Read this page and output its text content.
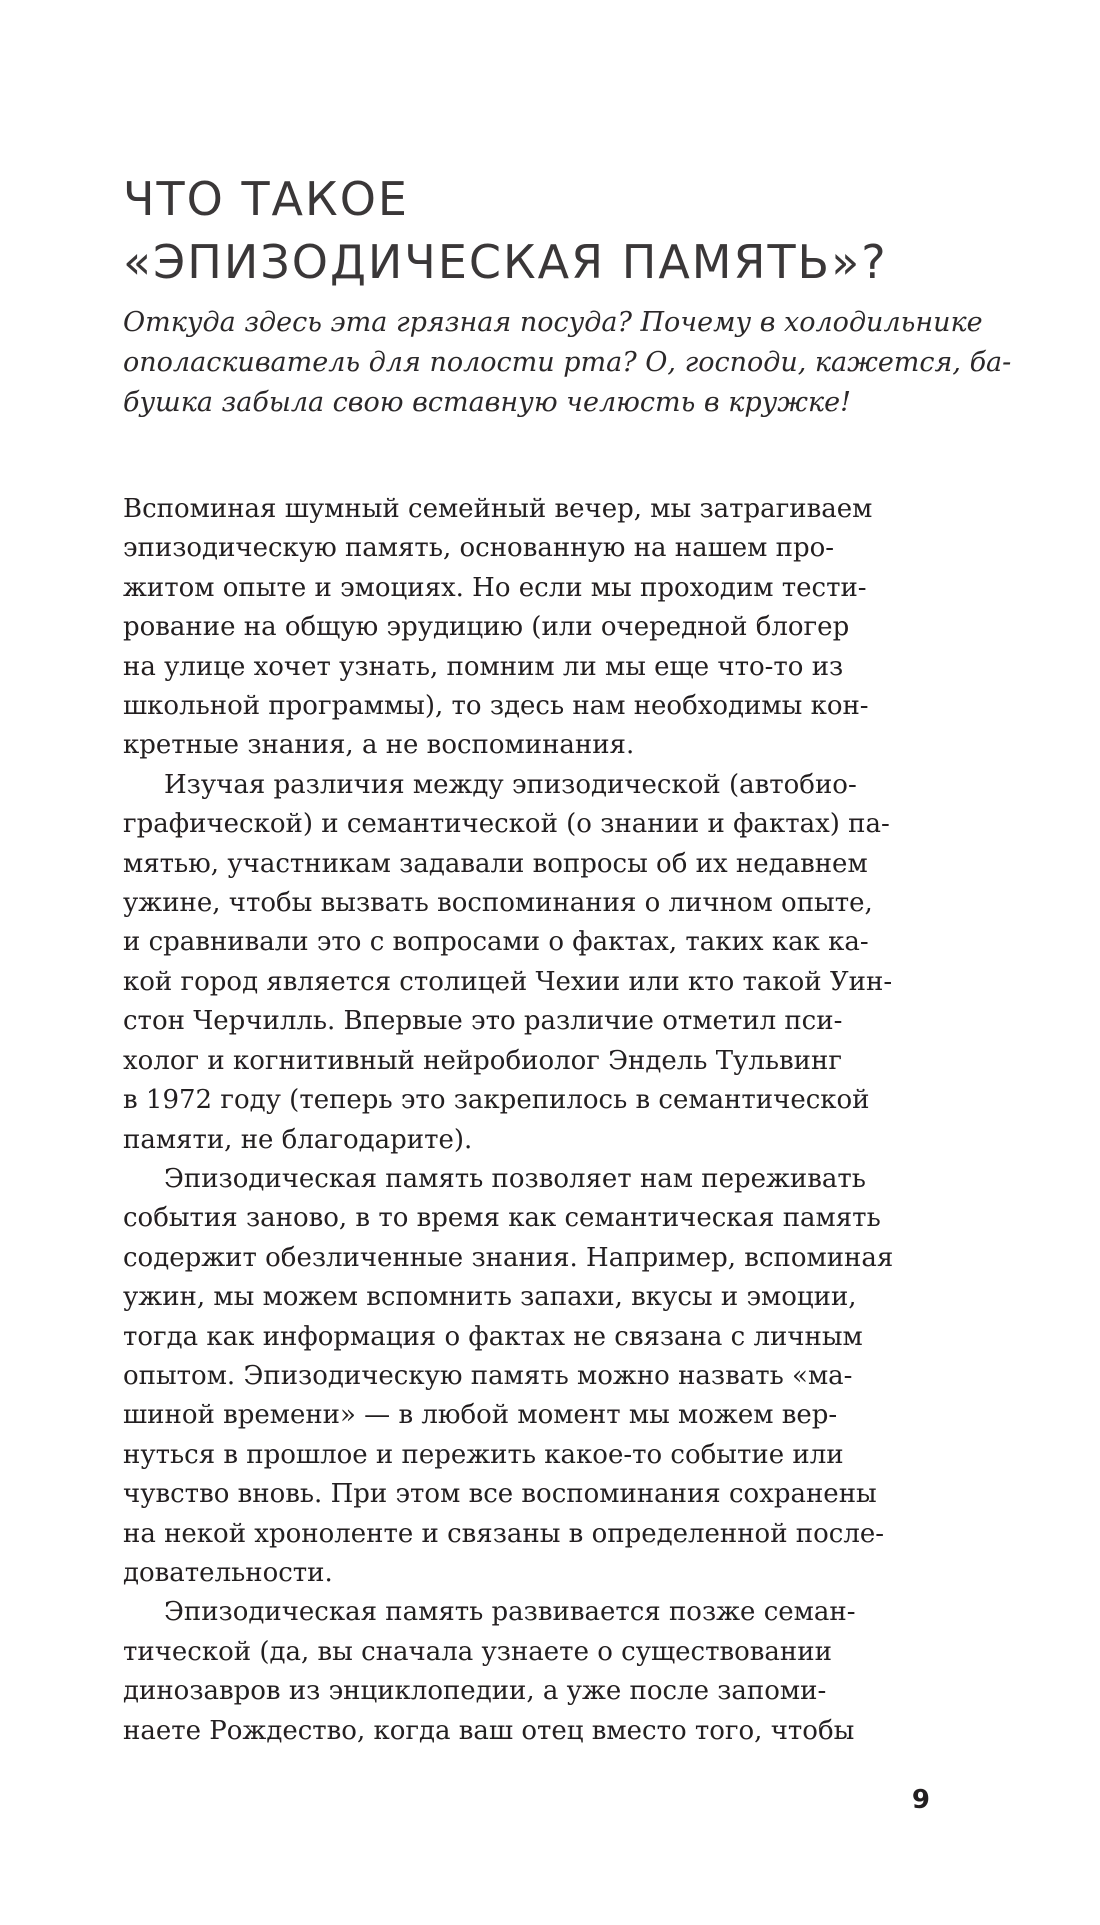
ЧТО ТАКОЕ
«ЭПИЗОДИЧЕСКАЯ ПАМЯТЬ»?
Откуда здесь эта грязная посуда? Почему в холодильнике
ополаскиватель для полости рта? О, господи, кажется, ба-
бушка забыла свою вставную челюсть в кружке!
Вспоминая шумный семейный вечер, мы затрагиваем
эпизодическую память, основанную на нашем про-
житом опыте и эмоциях. Но если мы проходим тести-
рование на общую эрудицию (или очередной блогер
на улице хочет узнать, помним ли мы еще что-то из
школьной программы), то здесь нам необходимы кон-
кретные знания, а не воспоминания.
Изучая различия между эпизодической (автобио-
графической) и семантической (о знании и фактах) па-
мятью, участникам задавали вопросы об их недавнем
ужине, чтобы вызвать воспоминания о личном опыте,
и сравнивали это с вопросами о фактах, таких как ка-
кой город является столицей Чехии или кто такой Уин-
стон Черчилль. Впервые это различие отметил пси-
холог и когнитивный нейробиолог Эндель Тульвинг
в 1972 году (теперь это закрепилось в семантической
памяти, не благодарите).
Эпизодическая память позволяет нам переживать
события заново, в то время как семантическая память
содержит обезличенные знания. Например, вспоминая
ужин, мы можем вспомнить запахи, вкусы и эмоции,
тогда как информация о фактах не связана с личным
опытом. Эпизодическую память можно назвать «ма-
шиной времени» — в любой момент мы можем вер-
нуться в прошлое и пережить какое-то событие или
чувство вновь. При этом все воспоминания сохранены
на некой хроноленте и связаны в определенной после-
довательности.
Эпизодическая память развивается позже семан-
тической (да, вы сначала узнаете о существовании
динозавров из энциклопедии, а уже после запоми-
наете Рождество, когда ваш отец вместо того, чтобы
9
